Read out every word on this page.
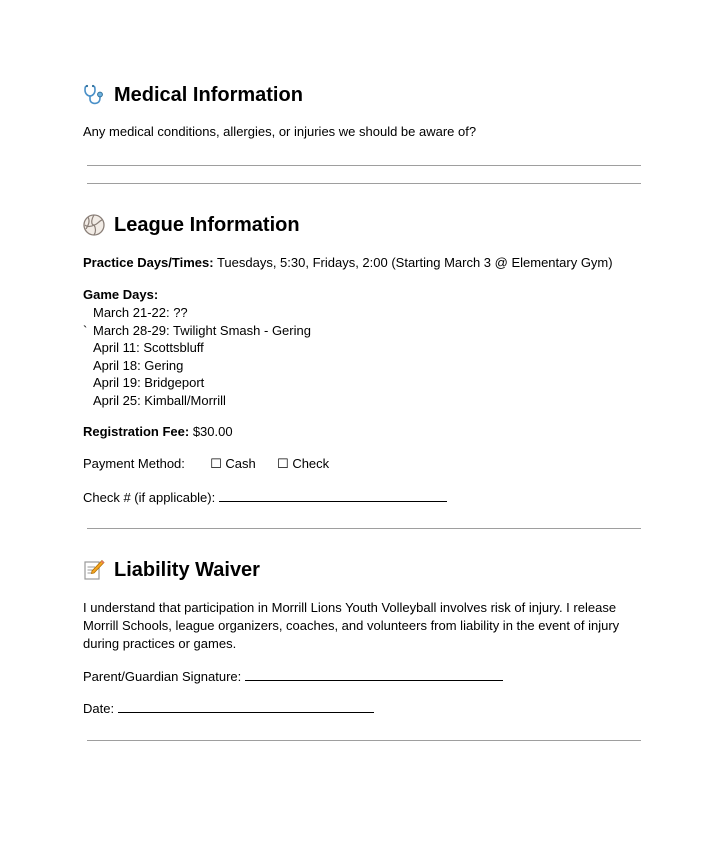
Medical Information
Any medical conditions, allergies, or injuries we should be aware of?
League Information
Practice Days/Times: Tuesdays, 5:30, Fridays, 2:00 (Starting March 3 @ Elementary Gym)
Game Days:
March 21-22: ??
` March 28-29: Twilight Smash - Gering
April 11: Scottsbluff
April 18: Gering
April 19: Bridgeport
April 25: Kimball/Morrill
Registration Fee: $30.00
Payment Method: ☐ Cash ☐ Check
Check # (if applicable):
Liability Waiver
I understand that participation in Morrill Lions Youth Volleyball involves risk of injury. I release Morrill Schools, league organizers, coaches, and volunteers from liability in the event of injury during practices or games.
Parent/Guardian Signature:
Date:
